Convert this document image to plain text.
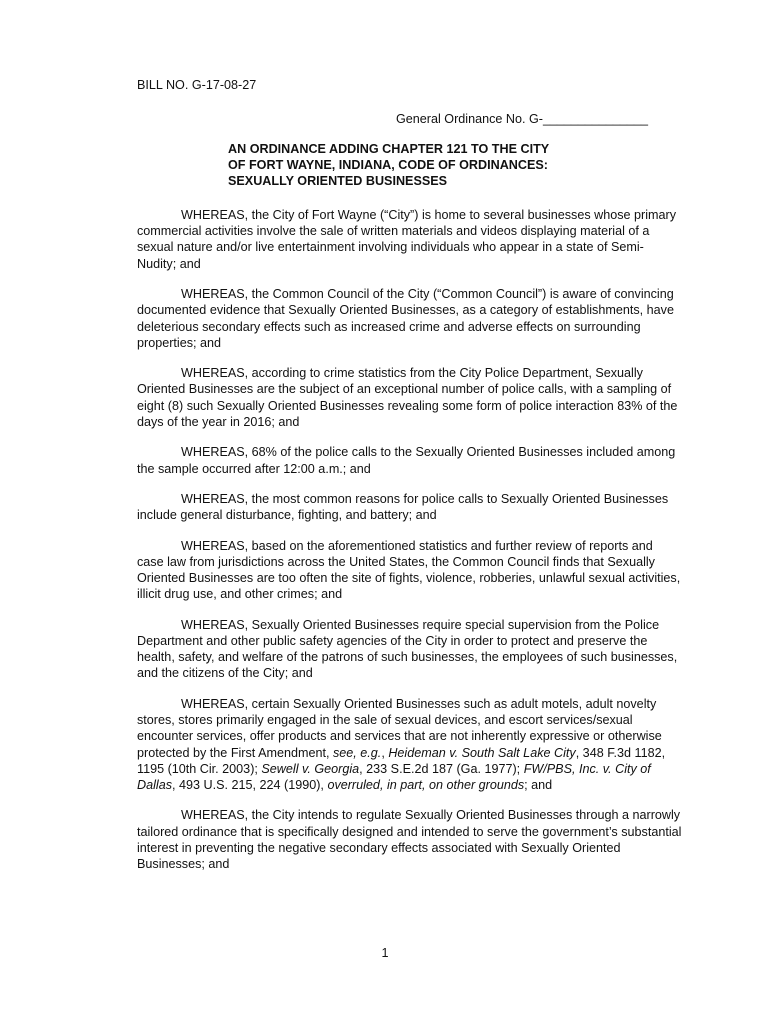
BILL NO. G-17-08-27

General Ordinance No. G-_______________

AN ORDINANCE ADDING CHAPTER 121 TO THE CITY
OF FORT WAYNE, INDIANA, CODE OF ORDINANCES:
SEXUALLY ORIENTED BUSINESSES

WHEREAS, the City of Fort Wayne (“City”) is home to several businesses whose primary commercial activities involve the sale of written materials and videos displaying material of a sexual nature and/or live entertainment involving individuals who appear in a state of Semi-Nudity; and

WHEREAS, the Common Council of the City (“Common Council”) is aware of convincing documented evidence that Sexually Oriented Businesses, as a category of establishments, have deleterious secondary effects such as increased crime and adverse effects on surrounding properties; and

WHEREAS, according to crime statistics from the City Police Department, Sexually Oriented Businesses are the subject of an exceptional number of police calls, with a sampling of eight (8) such Sexually Oriented Businesses revealing some form of police interaction 83% of the days of the year in 2016; and

WHEREAS, 68% of the police calls to the Sexually Oriented Businesses included among the sample occurred after 12:00 a.m.; and

WHEREAS, the most common reasons for police calls to Sexually Oriented Businesses include general disturbance, fighting, and battery; and

WHEREAS, based on the aforementioned statistics and further review of reports and case law from jurisdictions across the United States, the Common Council finds that Sexually Oriented Businesses are too often the site of fights, violence, robberies, unlawful sexual activities, illicit drug use, and other crimes; and

WHEREAS, Sexually Oriented Businesses require special supervision from the Police Department and other public safety agencies of the City in order to protect and preserve the health, safety, and welfare of the patrons of such businesses, the employees of such businesses, and the citizens of the City; and

WHEREAS, certain Sexually Oriented Businesses such as adult motels, adult novelty stores, stores primarily engaged in the sale of sexual devices, and escort services/sexual encounter services, offer products and services that are not inherently expressive or otherwise protected by the First Amendment, see, e.g., Heideman v. South Salt Lake City, 348 F.3d 1182, 1195 (10th Cir. 2003); Sewell v. Georgia, 233 S.E.2d 187 (Ga. 1977); FW/PBS, Inc. v. City of Dallas, 493 U.S. 215, 224 (1990), overruled, in part, on other grounds; and

WHEREAS, the City intends to regulate Sexually Oriented Businesses through a narrowly tailored ordinance that is specifically designed and intended to serve the government’s substantial interest in preventing the negative secondary effects associated with Sexually Oriented Businesses; and

1
